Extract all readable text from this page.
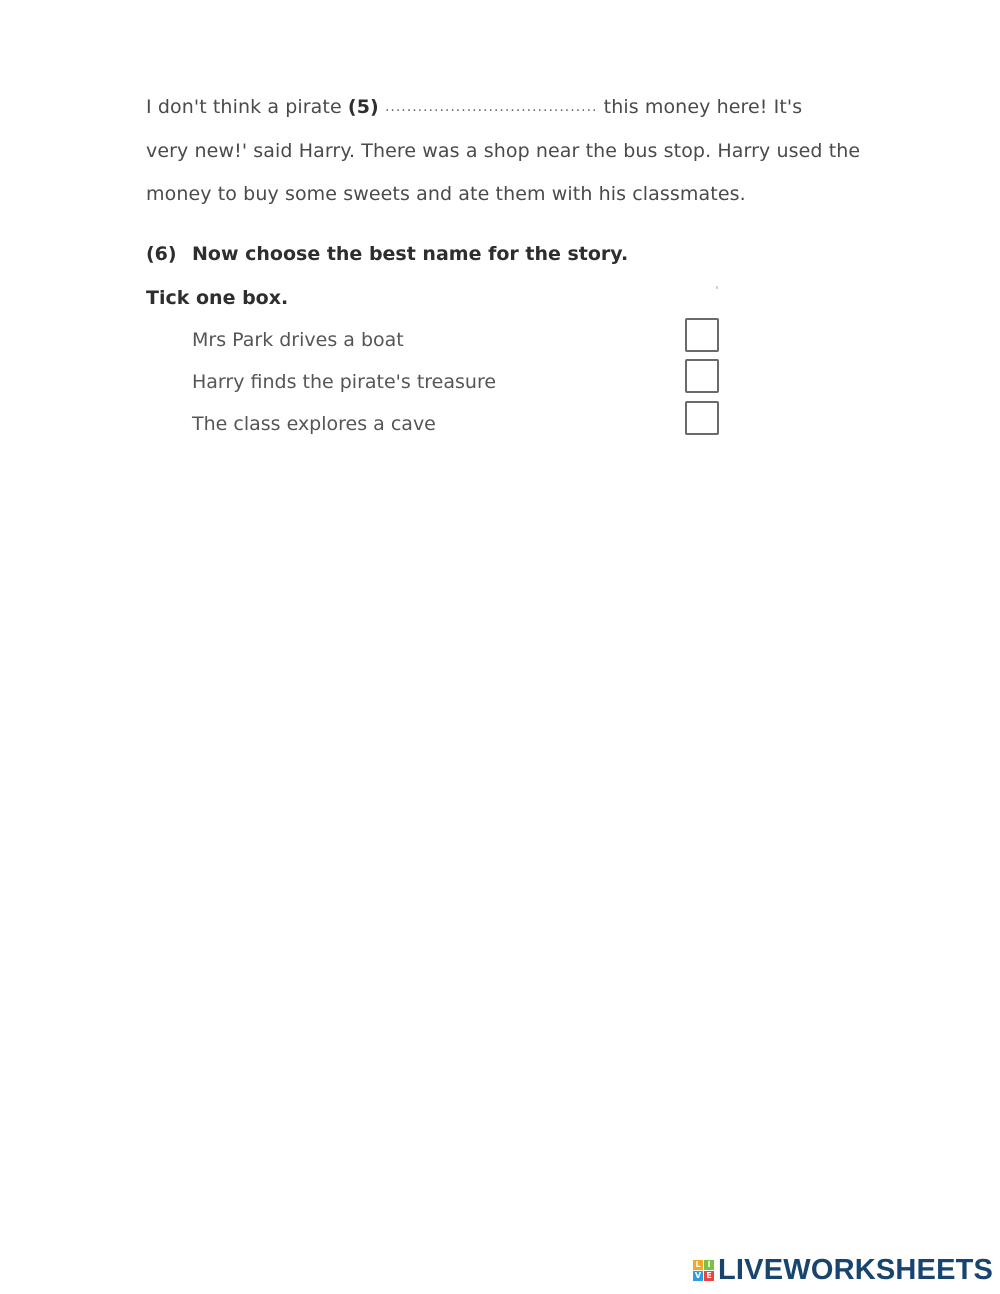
I don't think a pirate (5) ....................................... this money here! It's
very new!' said Harry. There was a shop near the bus stop. Harry used the
money to buy some sweets and ate them with his classmates.
(6) Now choose the best name for the story.
Tick one box.
Mrs Park drives a boat
Harry finds the pirate's treasure
The class explores a cave
L I
V E LIVEWORKSHEETS
